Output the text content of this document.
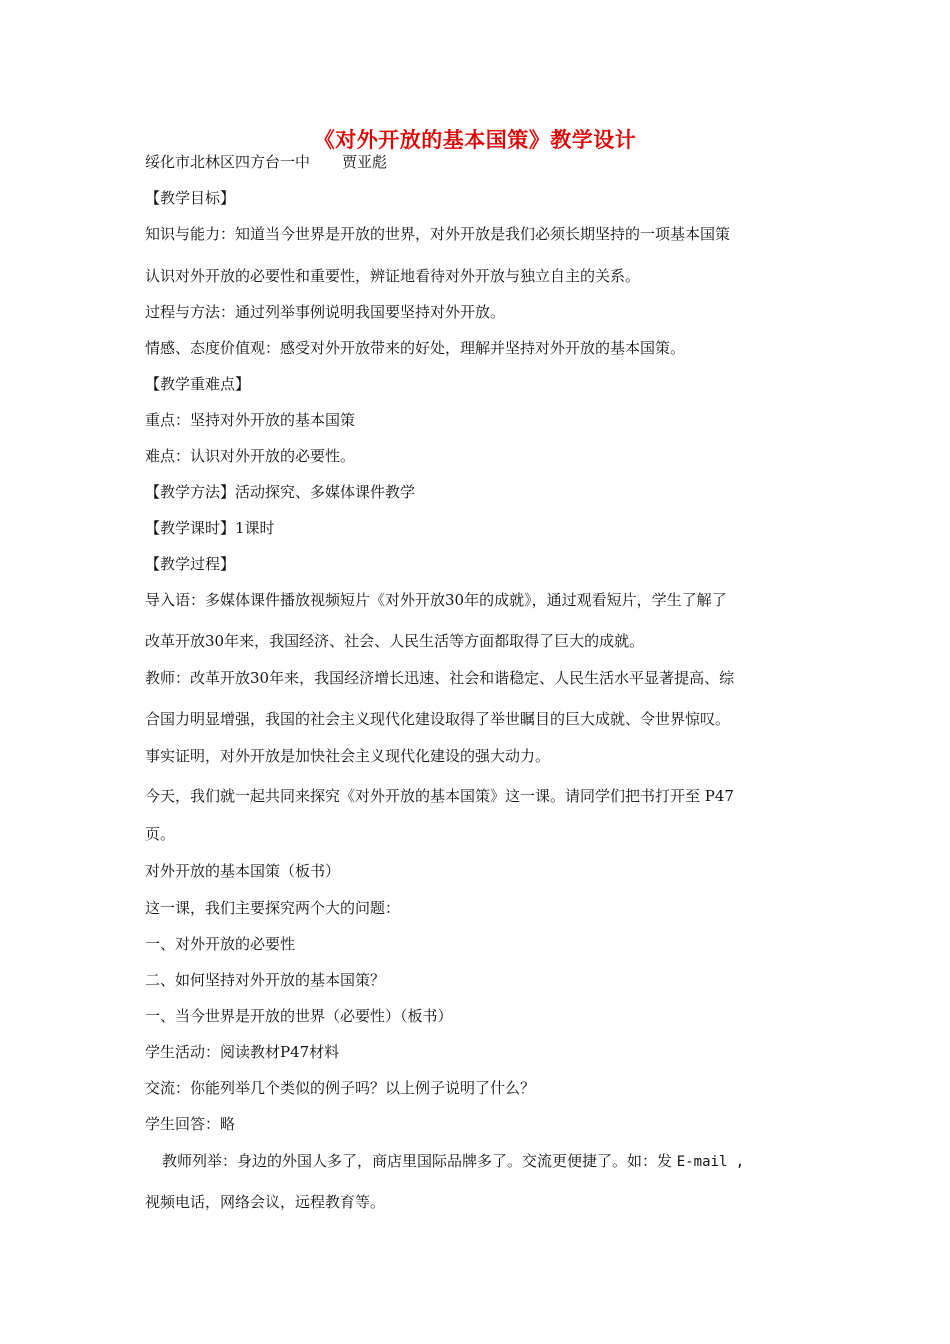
《对外开放的基本国策》教学设计
绥化市北林区四方台一中 贾亚彪
【教学目标】
知识与能力：知道当今世界是开放的世界，对外开放是我们必须长期坚持的一项基本国策
认识对外开放的必要性和重要性，辨证地看待对外开放与独立自主的关系。
过程与方法：通过列举事例说明我国要坚持对外开放。
情感、态度价值观：感受对外开放带来的好处，理解并坚持对外开放的基本国策。
【教学重难点】
重点：坚持对外开放的基本国策
难点：认识对外开放的必要性。
【教学方法】活动探究、多媒体课件教学
【教学课时】1课时
【教学过程】
导入语：多媒体课件播放视频短片《对外开放30年的成就》，通过观看短片，学生了解了
改革开放30年来，我国经济、社会、人民生活等方面都取得了巨大的成就。
教师：改革开放30年来，我国经济增长迅速、社会和谐稳定、人民生活水平显著提高、综
合国力明显增强，我国的社会主义现代化建设取得了举世瞩目的巨大成就、令世界惊叹。
事实证明，对外开放是加快社会主义现代化建设的强大动力。
今天，我们就一起共同来探究《对外开放的基本国策》这一课。请同学们把书打开至 P47
页。
对外开放的基本国策（板书）
这一课，我们主要探究两个大的问题：
一、对外开放的必要性
二、如何坚持对外开放的基本国策？
一、当今世界是开放的世界（必要性）（板书）
学生活动：阅读教材P47材料
交流：你能列举几个类似的例子吗？以上例子说明了什么？
学生回答：略
教师列举：身边的外国人多了，商店里国际品牌多了。交流更便捷了。如：发 E-mail ,
视频电话，网络会议，远程教育等。
